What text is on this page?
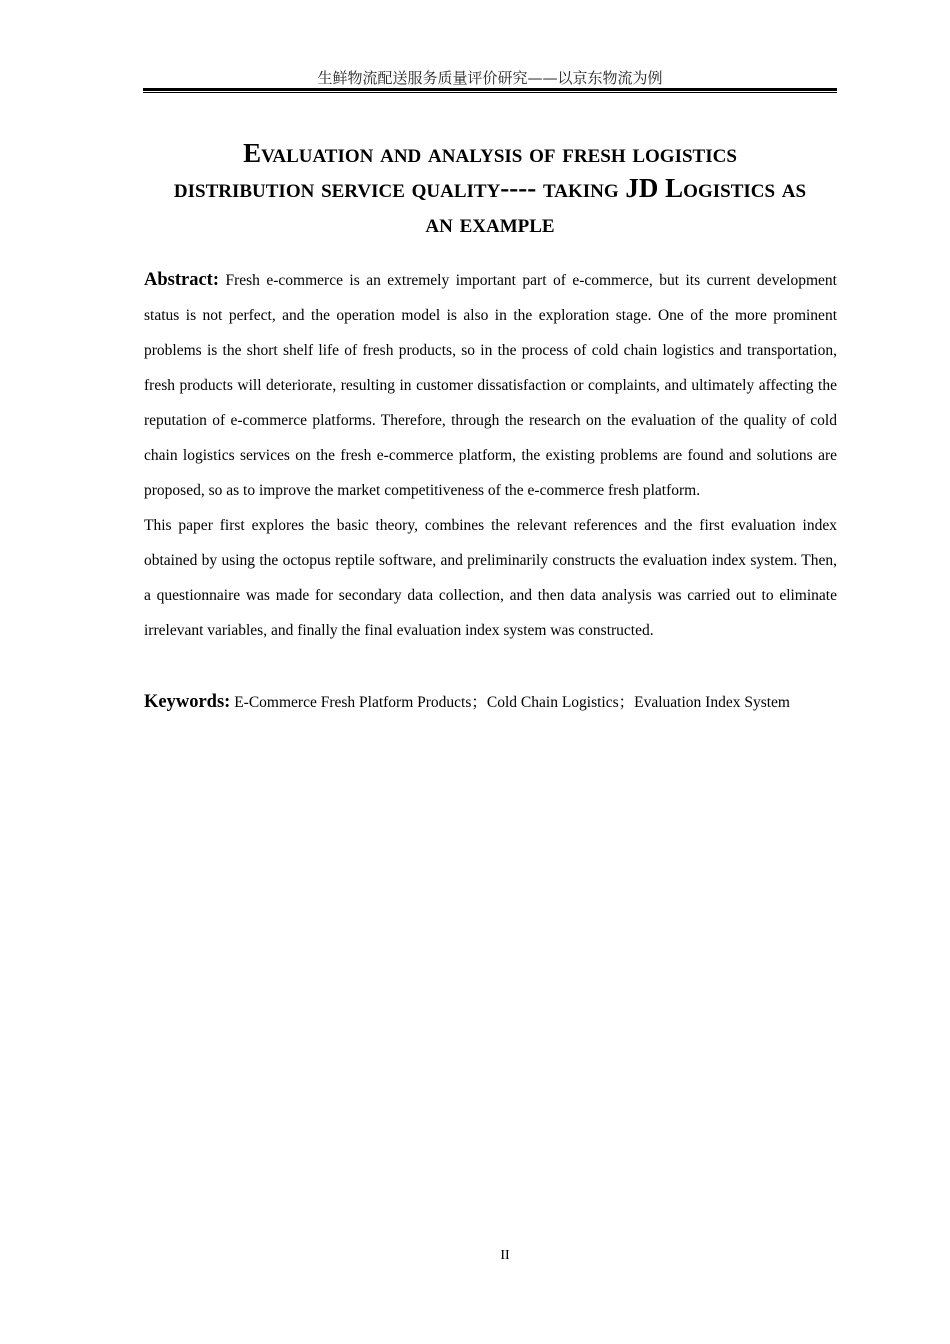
生鲜物流配送服务质量评价研究——以京东物流为例
Evaluation and analysis of fresh logistics distribution service quality---- taking JD Logistics as an example

Abstract: Fresh e-commerce is an extremely important part of e-commerce, but its current development status is not perfect, and the operation model is also in the exploration stage. One of the more prominent problems is the short shelf life of fresh products, so in the process of cold chain logistics and transportation, fresh products will deteriorate, resulting in customer dissatisfaction or complaints, and ultimately affecting the reputation of e-commerce platforms. Therefore, through the research on the evaluation of the quality of cold chain logistics services on the fresh e-commerce platform, the existing problems are found and solutions are proposed, so as to improve the market competitiveness of the e-commerce fresh platform.

This paper first explores the basic theory, combines the relevant references and the first evaluation index obtained by using the octopus reptile software, and preliminarily constructs the evaluation index system. Then, a questionnaire was made for secondary data collection, and then data analysis was carried out to eliminate irrelevant variables, and finally the final evaluation index system was constructed.

Keywords: E-Commerce Fresh Platform Products；Cold Chain Logistics；Evaluation Index System
II
